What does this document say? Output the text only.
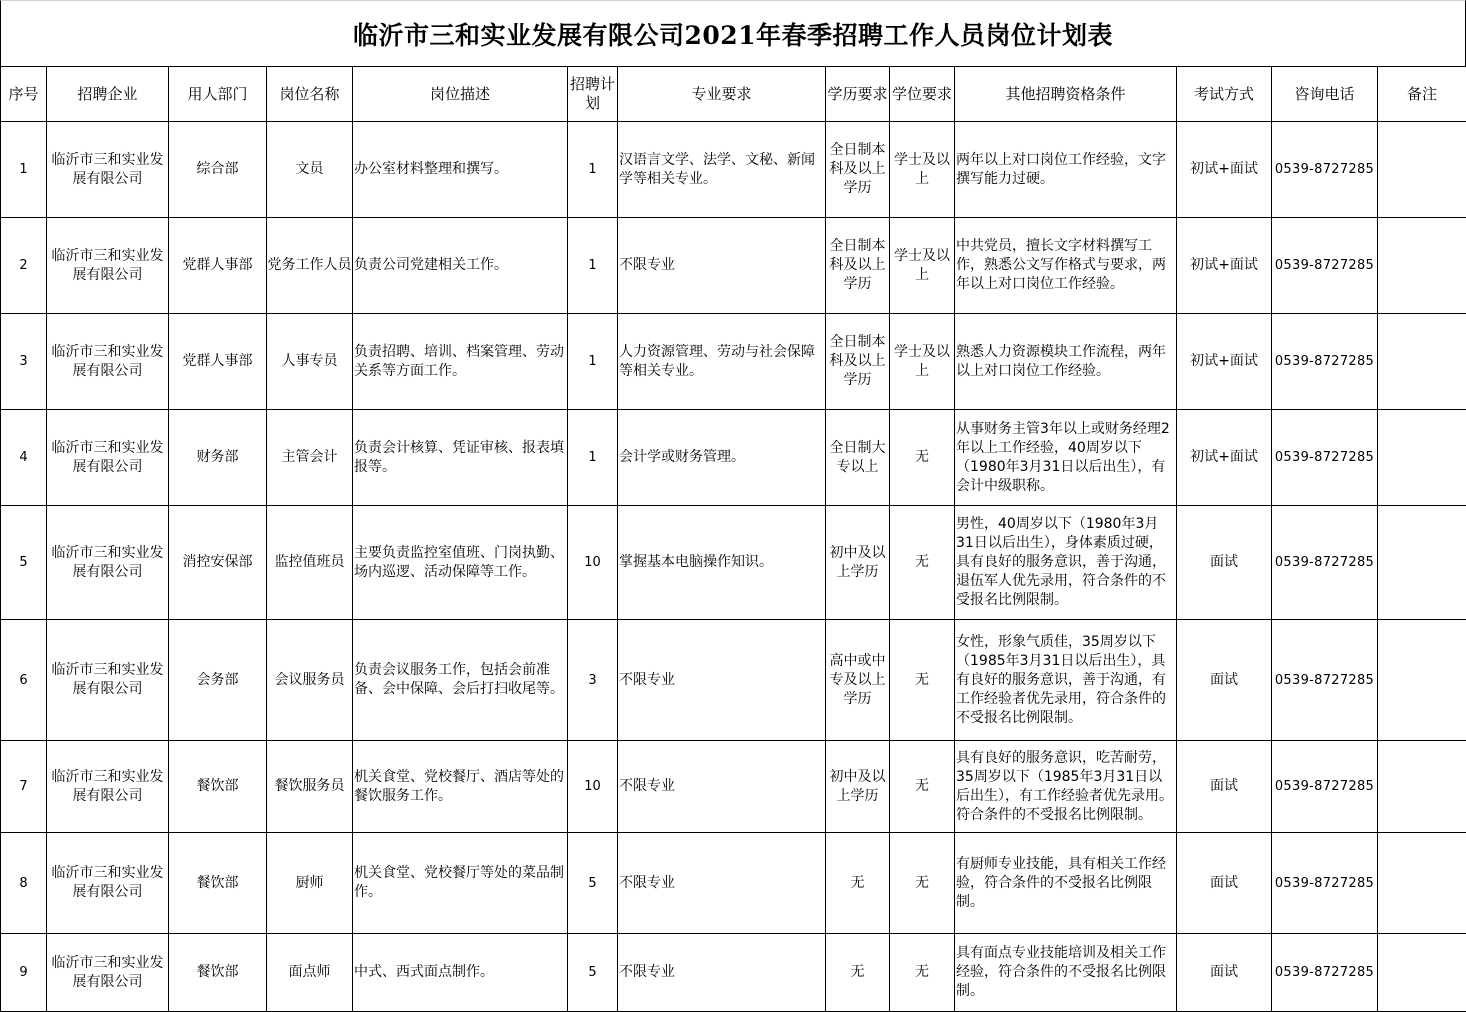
临沂市三和实业发展有限公司2021年春季招聘工作人员岗位计划表
序号	招聘企业	用人部门	岗位名称	岗位描述	招聘计划	专业要求	学历要求	学位要求	其他招聘资格条件	考试方式	咨询电话	备注
1	临沂市三和实业发展有限公司	综合部	文员	办公室材料整理和撰写。	1	汉语言文学、法学、文秘、新闻学等相关专业。	全日制本科及以上学历	学士及以上	两年以上对口岗位工作经验，文字撰写能力过硬。	初试+面试	0539-8727285	
2	临沂市三和实业发展有限公司	党群人事部	党务工作人员	负责公司党建相关工作。	1	不限专业	全日制本科及以上学历	学士及以上	中共党员，擅长文字材料撰写工作，熟悉公文写作格式与要求，两年以上对口岗位工作经验。	初试+面试	0539-8727285	
3	临沂市三和实业发展有限公司	党群人事部	人事专员	负责招聘、培训、档案管理、劳动关系等方面工作。	1	人力资源管理、劳动与社会保障等相关专业。	全日制本科及以上学历	学士及以上	熟悉人力资源模块工作流程，两年以上对口岗位工作经验。	初试+面试	0539-8727285	
4	临沂市三和实业发展有限公司	财务部	主管会计	负责会计核算、凭证审核、报表填报等。	1	会计学或财务管理。	全日制大专以上	无	从事财务主管3年以上或财务经理2年以上工作经验，40周岁以下（1980年3月31日以后出生），有会计中级职称。	初试+面试	0539-8727285	
5	临沂市三和实业发展有限公司	消控安保部	监控值班员	主要负责监控室值班、门岗执勤、场内巡逻、活动保障等工作。	10	掌握基本电脑操作知识。	初中及以上学历	无	男性，40周岁以下（1980年3月31日以后出生），身体素质过硬，具有良好的服务意识，善于沟通，退伍军人优先录用，符合条件的不受报名比例限制。	面试	0539-8727285	
6	临沂市三和实业发展有限公司	会务部	会议服务员	负责会议服务工作，包括会前准备、会中保障、会后打扫收尾等。	3	不限专业	高中或中专及以上学历	无	女性，形象气质佳，35周岁以下（1985年3月31日以后出生），具有良好的服务意识，善于沟通，有工作经验者优先录用，符合条件的不受报名比例限制。	面试	0539-8727285	
7	临沂市三和实业发展有限公司	餐饮部	餐饮服务员	机关食堂、党校餐厅、酒店等处的餐饮服务工作。	10	不限专业	初中及以上学历	无	具有良好的服务意识，吃苦耐劳，35周岁以下（1985年3月31日以后出生），有工作经验者优先录用。符合条件的不受报名比例限制。	面试	0539-8727285	
8	临沂市三和实业发展有限公司	餐饮部	厨师	机关食堂、党校餐厅等处的菜品制作。	5	不限专业	无	无	有厨师专业技能，具有相关工作经验，符合条件的不受报名比例限制。	面试	0539-8727285	
9	临沂市三和实业发展有限公司	餐饮部	面点师	中式、西式面点制作。	5	不限专业	无	无	具有面点专业技能培训及相关工作经验，符合条件的不受报名比例限制。	面试	0539-8727285	
